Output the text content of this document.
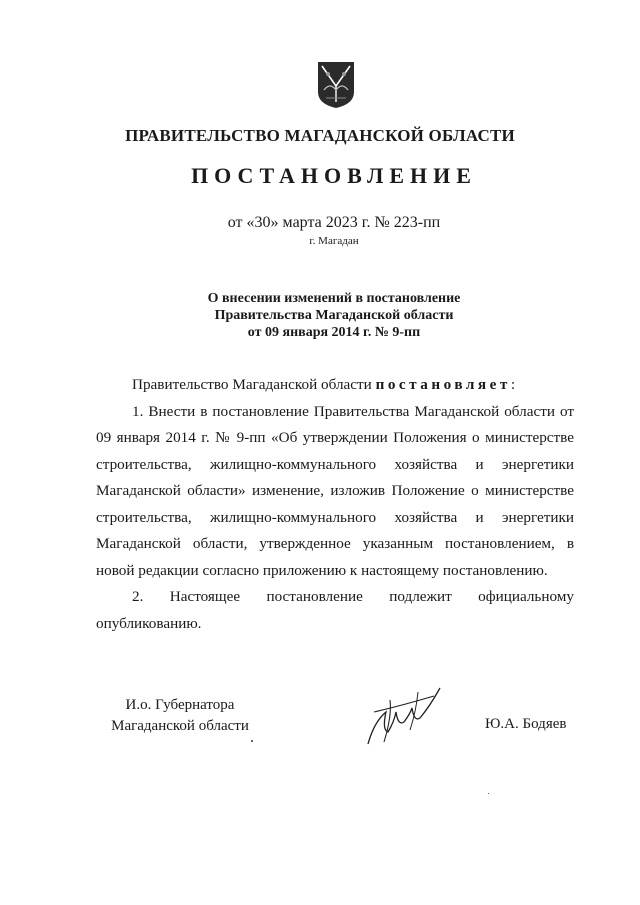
ПРАВИТЕЛЬСТВО МАГАДАНСКОЙ ОБЛАСТИ
ПОСТАНОВЛЕНИЕ
от «30» марта 2023 г. № 223-пп
г. Магадан
О внесении изменений в постановление
Правительства Магаданской области
от 09 января 2014 г. № 9-пп
Правительство Магаданской области постановляет:
1. Внести в постановление Правительства Магаданской области от 09 января 2014 г. № 9-пп «Об утверждении Положения о министерстве строительства, жилищно-коммунального хозяйства и энергетики Магаданской области» изменение, изложив Положение о министерстве строительства, жилищно-коммунального хозяйства и энергетики Магаданской области, утвержденное указанным постановлением, в новой редакции согласно приложению к настоящему постановлению.
2. Настоящее постановление подлежит официальному опубликованию.
И.о. Губернатора
Магаданской области	Ю.А. Бодяев
